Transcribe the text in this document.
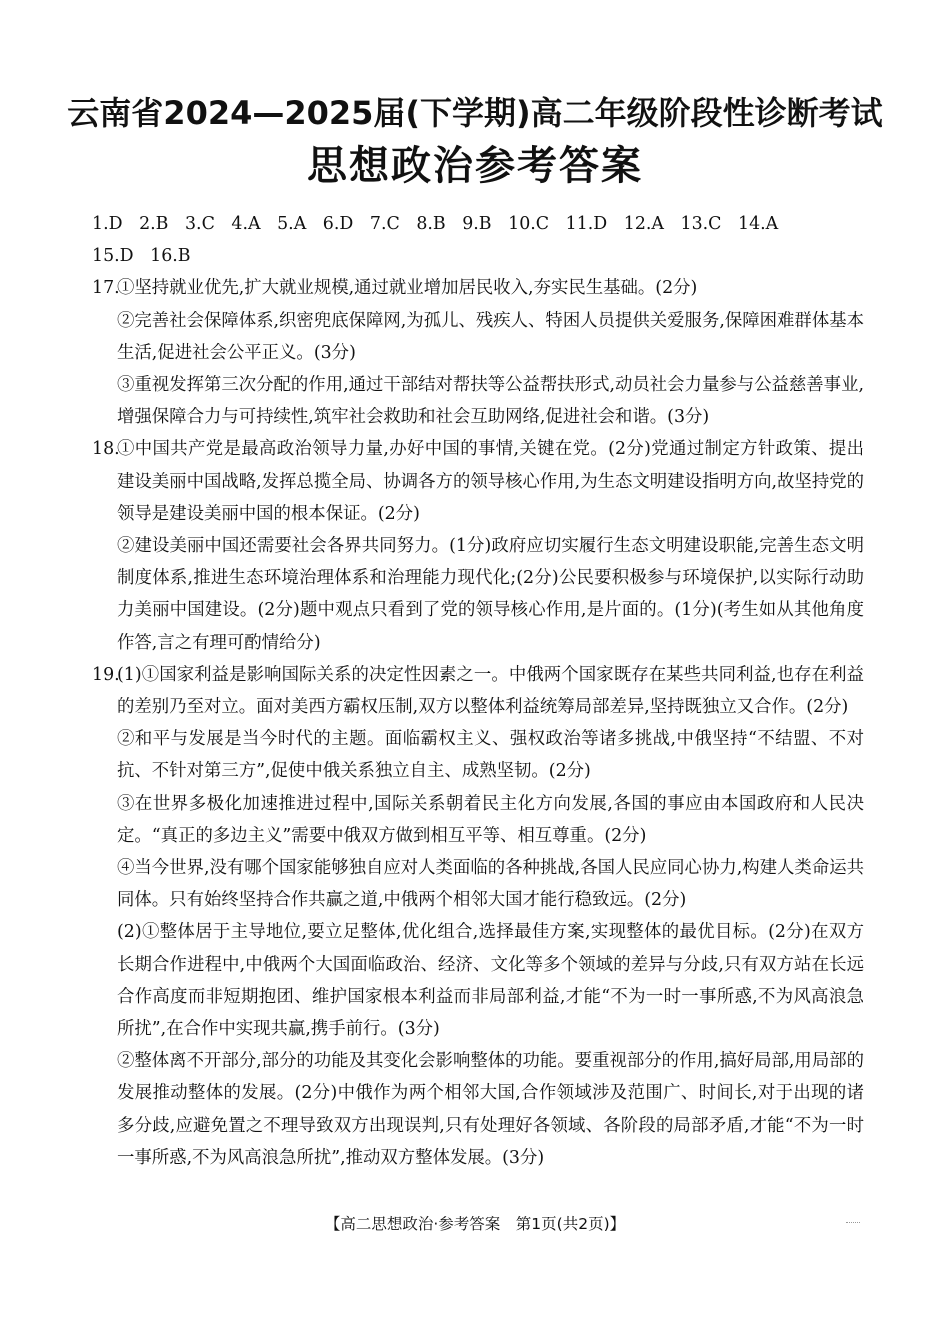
云南省2024—2025届(下学期)高二年级阶段性诊断考试
思想政治参考答案
1.D 2.B 3.C 4.A 5.A 6.D 7.C 8.B 9.B 10.C 11.D 12.A 13.C 14.A
15.D 16.B
17.
①坚持就业优先,扩大就业规模,通过就业增加居民收入,夯实民生基础。(2分)
②完善社会保障体系,织密兜底保障网,为孤儿、残疾人、特困人员提供关爱服务,保障困难群体基本生活,促进社会公平正义。(3分)
③重视发挥第三次分配的作用,通过干部结对帮扶等公益帮扶形式,动员社会力量参与公益慈善事业,增强保障合力与可持续性,筑牢社会救助和社会互助网络,促进社会和谐。(3分)
18.
①中国共产党是最高政治领导力量,办好中国的事情,关键在党。(2分)党通过制定方针政策、提出建设美丽中国战略,发挥总揽全局、协调各方的领导核心作用,为生态文明建设指明方向,故坚持党的领导是建设美丽中国的根本保证。(2分)
②建设美丽中国还需要社会各界共同努力。(1分)政府应切实履行生态文明建设职能,完善生态文明制度体系,推进生态环境治理体系和治理能力现代化;(2分)公民要积极参与环境保护,以实际行动助力美丽中国建设。(2分)题中观点只看到了党的领导核心作用,是片面的。(1分)(考生如从其他角度作答,言之有理可酌情给分)
19.
(1)①国家利益是影响国际关系的决定性因素之一。中俄两个国家既存在某些共同利益,也存在利益的差别乃至对立。面对美西方霸权压制,双方以整体利益统筹局部差异,坚持既独立又合作。(2分)
②和平与发展是当今时代的主题。面临霸权主义、强权政治等诸多挑战,中俄坚持“不结盟、不对抗、不针对第三方”,促使中俄关系独立自主、成熟坚韧。(2分)
③在世界多极化加速推进过程中,国际关系朝着民主化方向发展,各国的事应由本国政府和人民决定。“真正的多边主义”需要中俄双方做到相互平等、相互尊重。(2分)
④当今世界,没有哪个国家能够独自应对人类面临的各种挑战,各国人民应同心协力,构建人类命运共同体。只有始终坚持合作共赢之道,中俄两个相邻大国才能行稳致远。(2分)
(2)①整体居于主导地位,要立足整体,优化组合,选择最佳方案,实现整体的最优目标。(2分)在双方长期合作进程中,中俄两个大国面临政治、经济、文化等多个领域的差异与分歧,只有双方站在长远合作高度而非短期抱团、维护国家根本利益而非局部利益,才能“不为一时一事所惑,不为风高浪急所扰”,在合作中实现共赢,携手前行。(3分)
②整体离不开部分,部分的功能及其变化会影响整体的功能。要重视部分的作用,搞好局部,用局部的发展推动整体的发展。(2分)中俄作为两个相邻大国,合作领域涉及范围广、时间长,对于出现的诸多分歧,应避免置之不理导致双方出现误判,只有处理好各领域、各阶段的局部矛盾,才能“不为一时一事所惑,不为风高浪急所扰”,推动双方整体发展。(3分)
【高二思想政治·参考答案　第1页(共2页)】
